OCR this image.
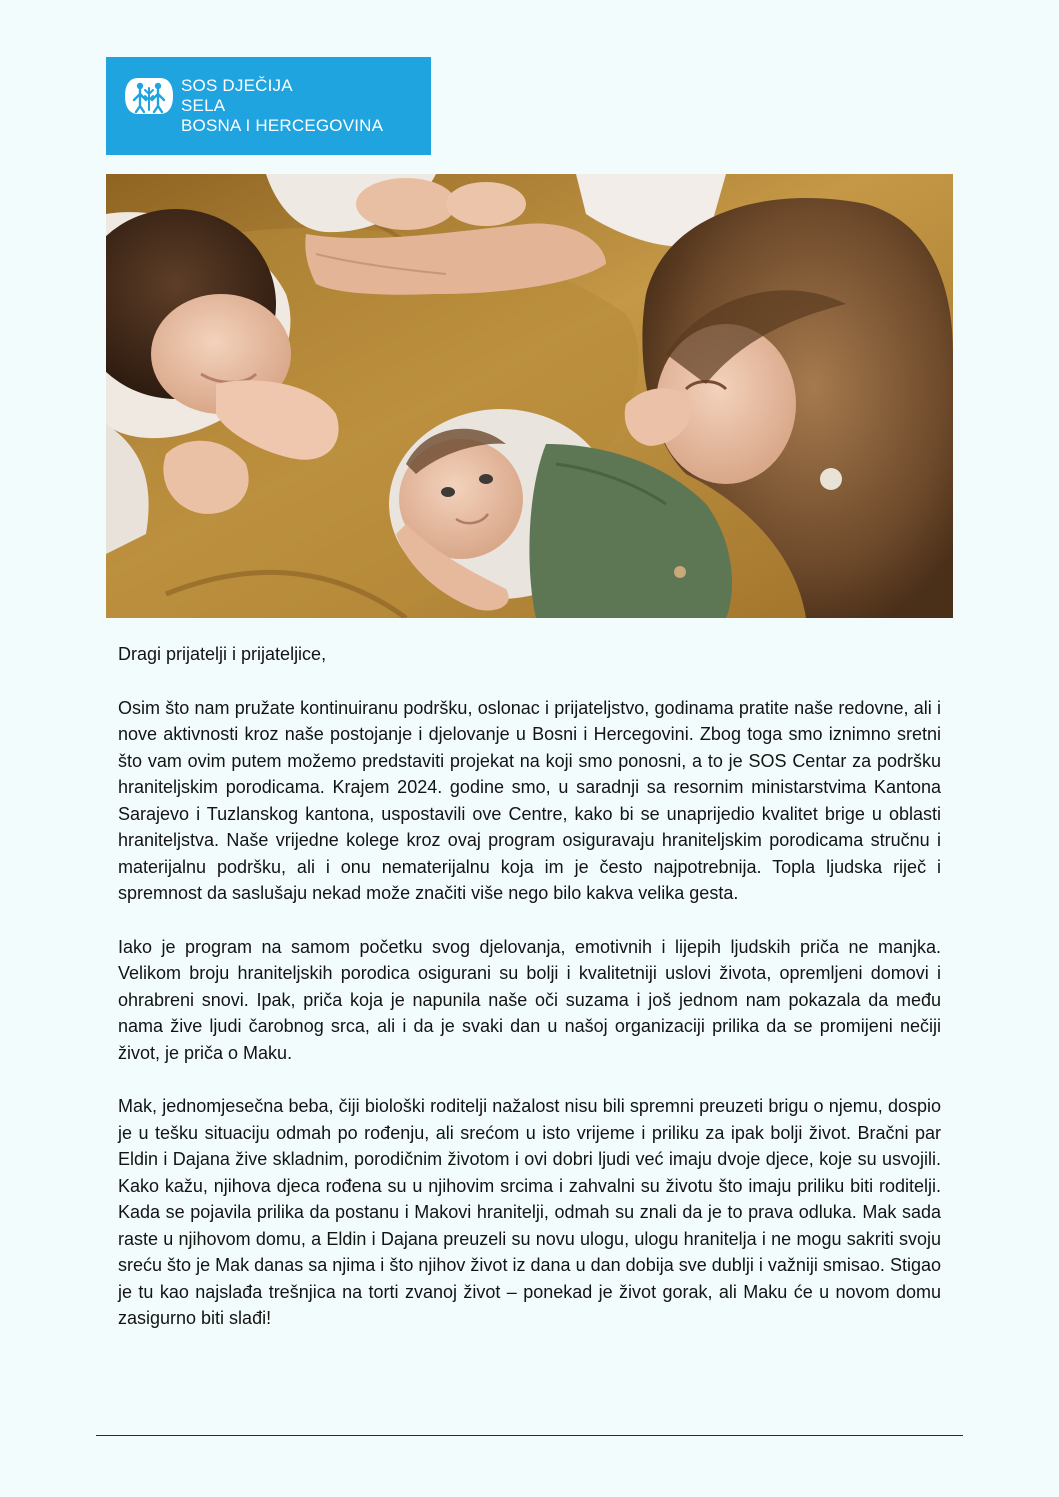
SOS DJEČIJA
SELA
BOSNA I HERCEGOVINA

Dragi prijatelji i prijateljice,

Osim što nam pružate kontinuiranu podršku, oslonac i prijateljstvo, godinama pratite naše redovne, ali i nove aktivnosti kroz naše postojanje i djelovanje u Bosni i Hercegovini. Zbog toga smo iznimno sretni što vam ovim putem možemo predstaviti projekat na koji smo ponosni, a to je SOS Centar za podršku hraniteljskim porodicama. Krajem 2024. godine smo, u saradnji sa resornim ministarstvima Kantona Sarajevo i Tuzlanskog kantona, uspostavili ove Centre, kako bi se unaprijedio kvalitet brige u oblasti hraniteljstva. Naše vrijedne kolege kroz ovaj program osiguravaju hraniteljskim porodicama stručnu i materijalnu podršku, ali i onu nematerijalnu koja im je često najpotrebnija. Topla ljudska riječ i spremnost da saslušaju nekad može značiti više nego bilo kakva velika gesta.

Iako je program na samom početku svog djelovanja, emotivnih i lijepih ljudskih priča ne manjka. Velikom broju hraniteljskih porodica osigurani su bolji i kvalitetniji uslovi života, opremljeni domovi i ohrabreni snovi. Ipak, priča koja je napunila naše oči suzama i još jednom nam pokazala da među nama žive ljudi čarobnog srca, ali i da je svaki dan u našoj organizaciji prilika da se promijeni nečiji život, je priča o Maku.

Mak, jednomjesečna beba, čiji biološki roditelji nažalost nisu bili spremni preuzeti brigu o njemu, dospio je u tešku situaciju odmah po rođenju, ali srećom u isto vrijeme i priliku za ipak bolji život. Bračni par Eldin i Dajana žive skladnim, porodičnim životom i ovi dobri ljudi već imaju dvoje djece, koje su usvojili. Kako kažu, njihova djeca rođena su u njihovim srcima i zahvalni su životu što imaju priliku biti roditelji. Kada se pojavila prilika da postanu i Makovi hranitelji, odmah su znali da je to prava odluka. Mak sada raste u njihovom domu, a Eldin i Dajana preuzeli su novu ulogu, ulogu hranitelja i ne mogu sakriti svoju sreću što je Mak danas sa njima i što njihov život iz dana u dan dobija sve dublji i važniji smisao. Stigao je tu kao najslađa trešnjica na torti zvanoj život – ponekad je život gorak, ali Maku će u novom domu zasigurno biti slađi!
